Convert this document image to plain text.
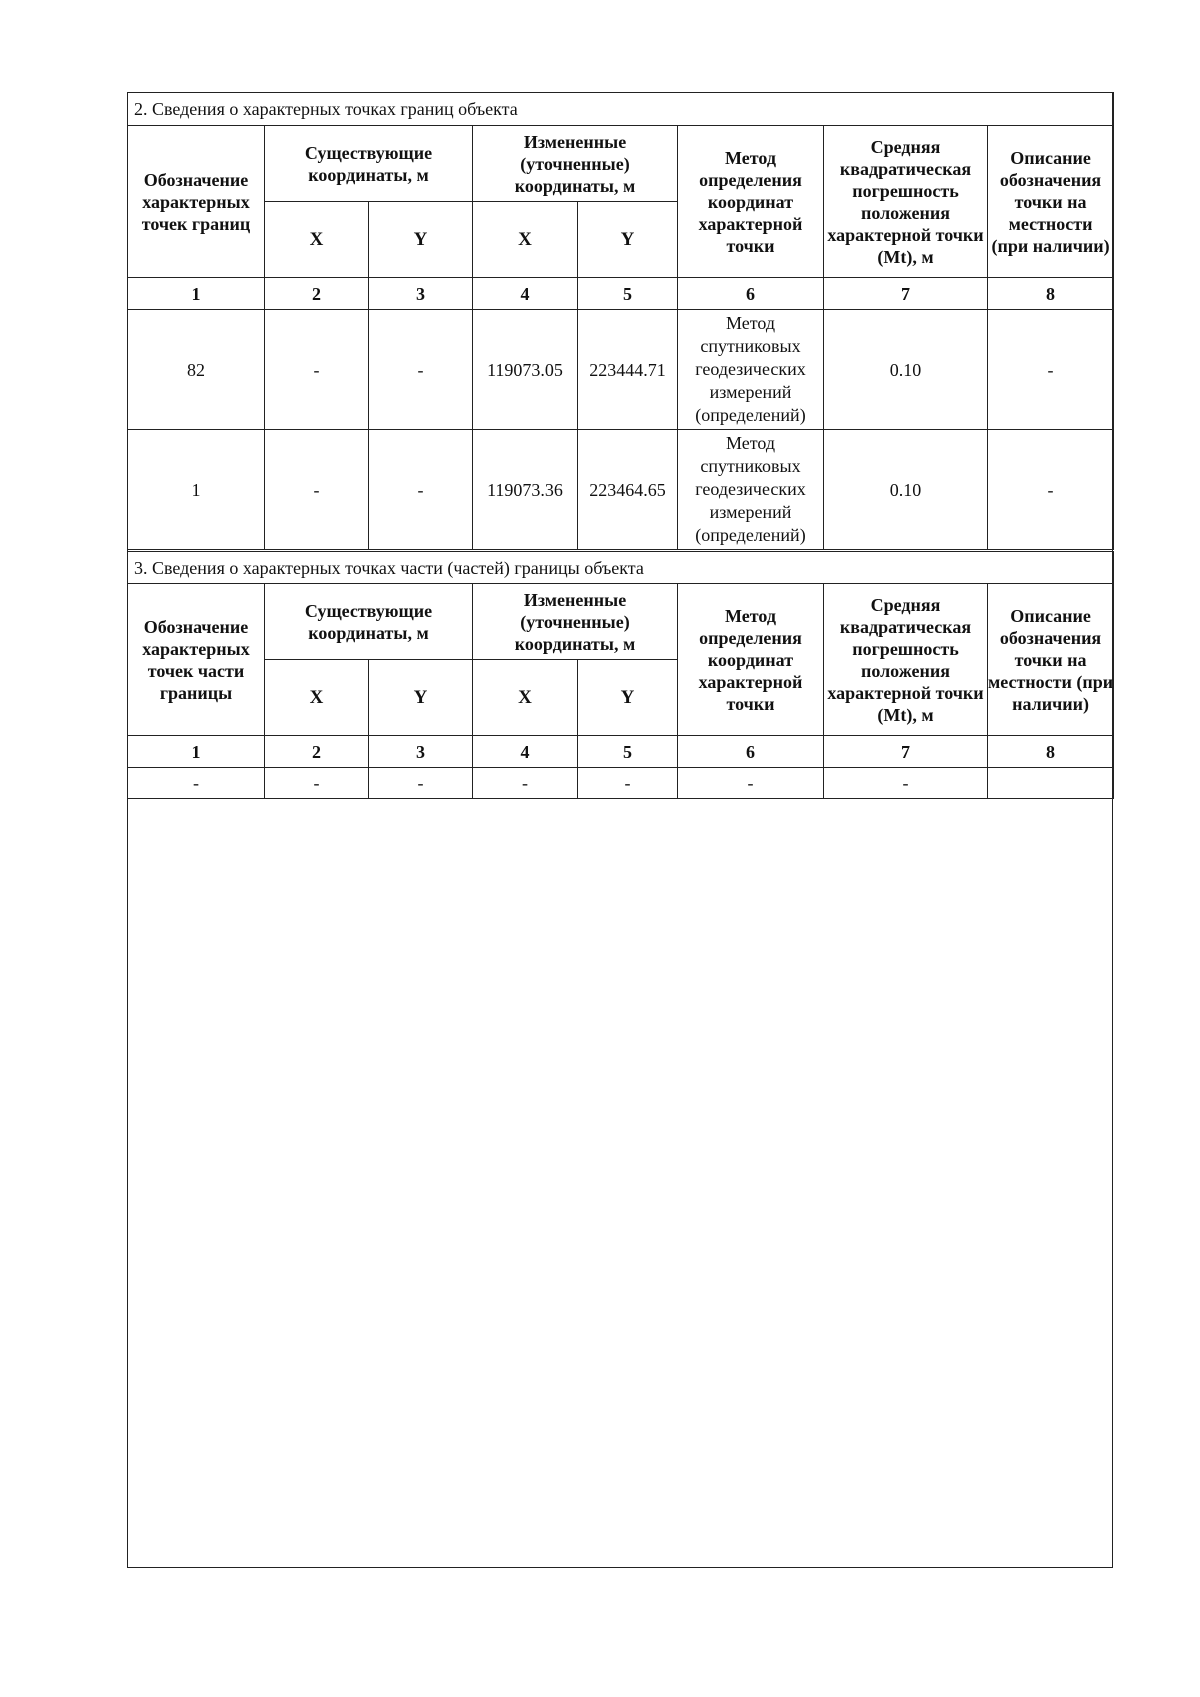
2. Сведения о характерных точках границ объекта							
Обозначение характерных точек границ	Существующие координаты, м		Измененные (уточненные) координаты, м		Метод определения координат характерной точки	Средняя квадратическая погрешность положения характерной точки (Mt), м	Описание обозначения точки на местности (при наличии)
	X	Y	X	Y			
1	2	3	4	5	6	7	8
82	-	-	119073.05	223444.71	Метод спутниковых геодезических измерений (определений)	0.10	-
1	-	-	119073.36	223464.65	Метод спутниковых геодезических измерений (определений)	0.10	-
3. Сведения о характерных точках части (частей) границы объекта							
Обозначение характерных точек части границы	Существующие координаты, м		Измененные (уточненные) координаты, м		Метод определения координат характерной точки	Средняя квадратическая погрешность положения характерной точки (Mt), м	Описание обозначения точки на местности (при наличии)
	X	Y	X	Y			
1	2	3	4	5	6	7	8
-	-	-	-	-	-	-	
